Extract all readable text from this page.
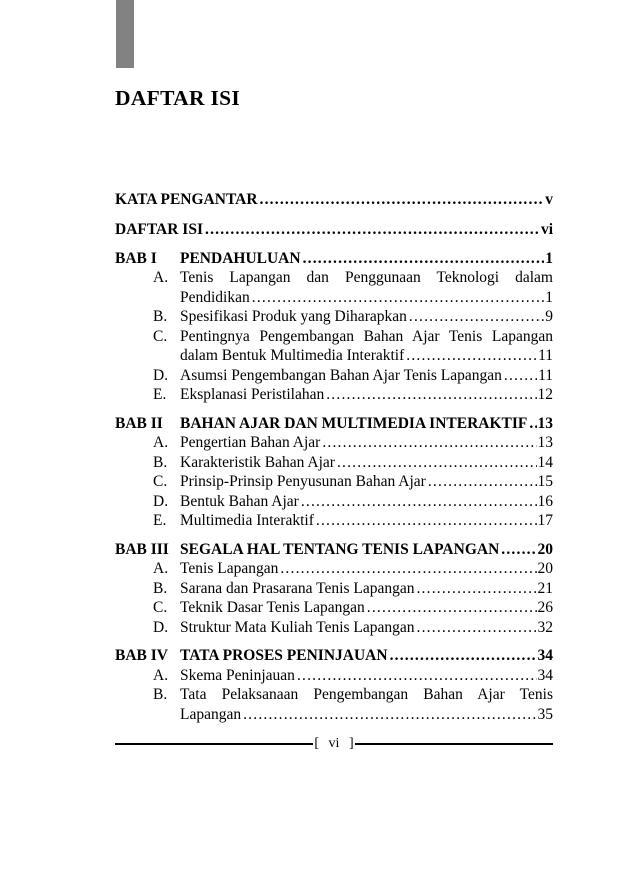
DAFTAR ISI
KATA PENGANTAR .....	v
DAFTAR ISI .....	vi
BAB I	PENDAHULUAN .....	1
A. Tenis Lapangan dan Penggunaan Teknologi dalam
Pendidikan .....	1
B. Spesifikasi Produk yang Diharapkan .....	9
C. Pentingnya Pengembangan Bahan Ajar Tenis Lapangan
dalam Bentuk Multimedia Interaktif .....	11
D. Asumsi Pengembangan Bahan Ajar Tenis Lapangan ..... 11
E. Eksplanasi Peristilahan .....	12
BAB II	BAHAN AJAR DAN MULTIMEDIA INTERAKTIF ..... 13
A. Pengertian Bahan Ajar .....	13
B. Karakteristik Bahan Ajar .....	14
C. Prinsip-Prinsip Penyusunan Bahan Ajar .....	15
D. Bentuk Bahan Ajar .....	16
E. Multimedia Interaktif .....	17
BAB III SEGALA HAL TENTANG TENIS LAPANGAN ..... 20
A. Tenis Lapangan .....	20
B. Sarana dan Prasarana Tenis Lapangan .....	21
C. Teknik Dasar Tenis Lapangan .....	26
D. Struktur Mata Kuliah Tenis Lapangan .....	32
BAB IV TATA PROSES PENINJAUAN .....	34
A. Skema Peninjauan .....	34
B. Tata Pelaksanaan Pengembangan Bahan Ajar Tenis
Lapangan .....	35
[ vi ]
